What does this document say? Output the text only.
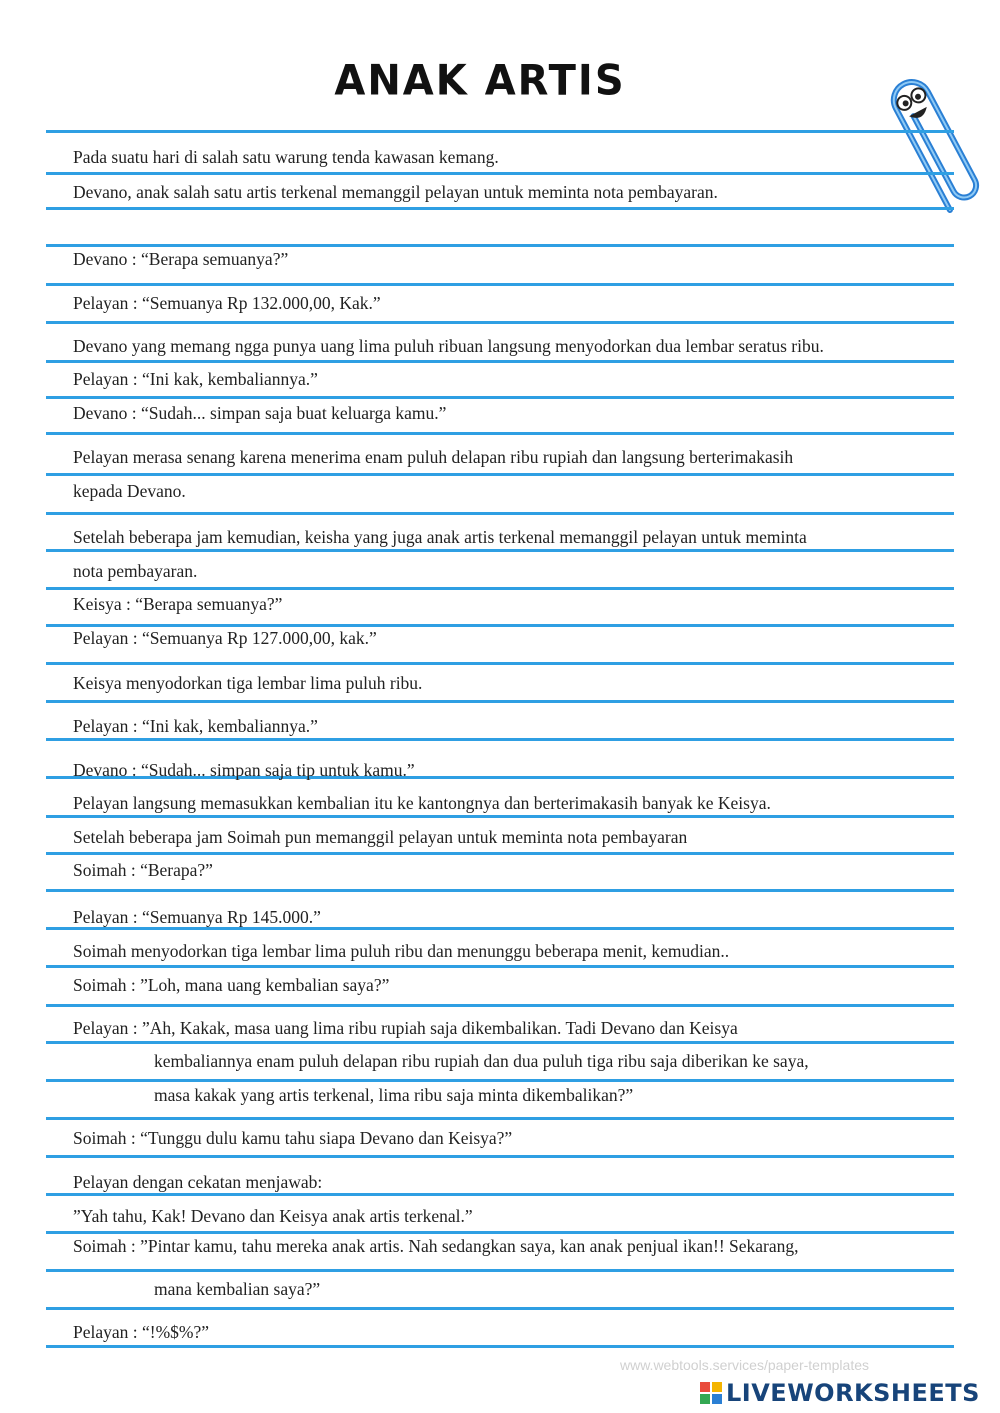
ANAK ARTIS
Pada suatu hari di salah satu warung tenda kawasan kemang.
Devano, anak salah satu artis terkenal memanggil pelayan untuk meminta nota pembayaran.
Devano : “Berapa semuanya?”
Pelayan : “Semuanya Rp 132.000,00, Kak.”
Devano yang memang ngga punya uang lima puluh ribuan langsung menyodorkan dua lembar seratus ribu.
Pelayan : “Ini kak, kembaliannya.”
Devano : “Sudah... simpan saja buat keluarga kamu.”
Pelayan merasa senang karena menerima enam puluh delapan ribu rupiah dan langsung berterimakasih
kepada Devano.
Setelah beberapa jam kemudian, keisha yang juga anak artis terkenal memanggil pelayan untuk meminta
nota pembayaran.
Keisya : “Berapa semuanya?”
Pelayan : “Semuanya Rp 127.000,00, kak.”
Keisya menyodorkan tiga lembar lima puluh ribu.
Pelayan : “Ini kak, kembaliannya.”
Devano : “Sudah... simpan saja tip untuk kamu.”
Pelayan langsung memasukkan kembalian itu ke kantongnya dan berterimakasih banyak ke Keisya.
Setelah beberapa jam Soimah pun memanggil pelayan untuk meminta nota pembayaran
Soimah : “Berapa?”
Pelayan : “Semuanya Rp 145.000.”
Soimah menyodorkan tiga lembar lima puluh ribu dan menunggu beberapa menit, kemudian..
Soimah : ”Loh, mana uang kembalian saya?”
Pelayan : ”Ah, Kakak, masa uang lima ribu rupiah saja dikembalikan. Tadi Devano dan Keisya
kembaliannya enam puluh delapan ribu rupiah dan dua puluh tiga ribu saja diberikan ke saya,
masa kakak yang artis terkenal, lima ribu saja minta dikembalikan?”
Soimah : “Tunggu dulu kamu tahu siapa Devano dan Keisya?”
Pelayan dengan cekatan menjawab:
”Yah tahu, Kak! Devano dan Keisya anak artis terkenal.”
Soimah : ”Pintar kamu, tahu mereka anak artis. Nah sedangkan saya, kan anak penjual ikan!! Sekarang,
mana kembalian saya?”
Pelayan : “!%$%?”
www.webtools.services/paper-templates
LIVEWORKSHEETS
